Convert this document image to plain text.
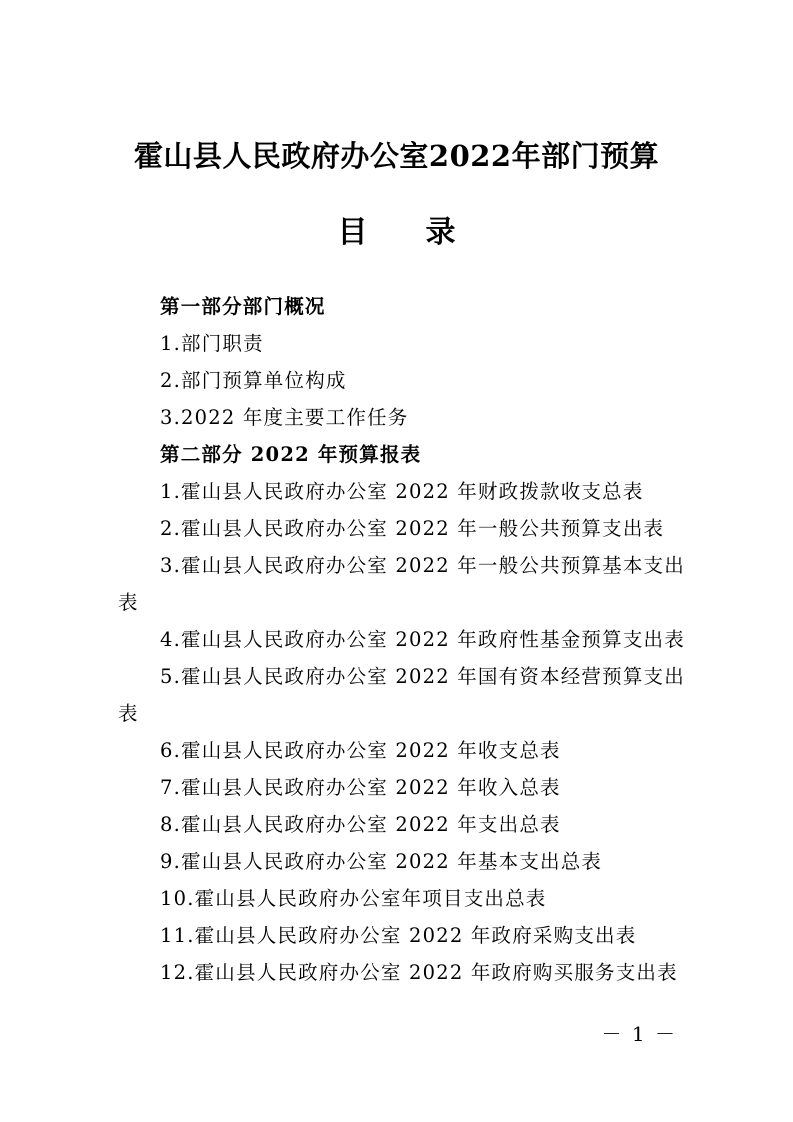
霍山县人民政府办公室2022年部门预算
目录
第一部分部门概况
1.部门职责
2.部门预算单位构成
3.2022 年度主要工作任务
第二部分 2022 年预算报表
1.霍山县人民政府办公室 2022 年财政拨款收支总表
2.霍山县人民政府办公室 2022 年一般公共预算支出表
3.霍山县人民政府办公室 2022 年一般公共预算基本支出
表
4.霍山县人民政府办公室 2022 年政府性基金预算支出表
5.霍山县人民政府办公室 2022 年国有资本经营预算支出
表
6.霍山县人民政府办公室 2022 年收支总表
7.霍山县人民政府办公室 2022 年收入总表
8.霍山县人民政府办公室 2022 年支出总表
9.霍山县人民政府办公室 2022 年基本支出总表
10.霍山县人民政府办公室年项目支出总表
11.霍山县人民政府办公室 2022 年政府采购支出表
12.霍山县人民政府办公室 2022 年政府购买服务支出表
－ 1 －
